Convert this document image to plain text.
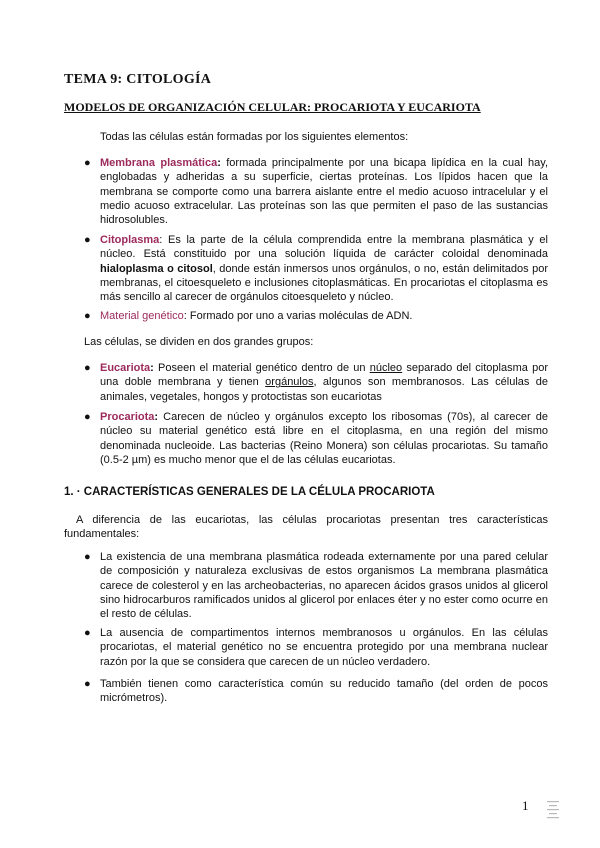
TEMA 9: CITOLOGÍA
MODELOS DE ORGANIZACIÓN CELULAR: PROCARIOTA Y EUCARIOTA

Todas las células están formadas por los siguientes elementos:

● Membrana plasmática: formada principalmente por una bicapa lipídica en la cual hay, englobadas y adheridas a su superficie, ciertas proteínas. Los lípidos hacen que la membrana se comporte como una barrera aislante entre el medio acuoso intracelular y el medio acuoso extracelular. Las proteínas son las que permiten el paso de las sustancias hidrosolubles.
● Citoplasma: Es la parte de la célula comprendida entre la membrana plasmática y el núcleo. Está constituido por una solución líquida de carácter coloidal denominada hialoplasma o citosol, donde están inmersos unos orgánulos, o no, están delimitados por membranas, el citoesqueleto e inclusiones citoplasmáticas. En procariotas el citoplasma es más sencillo al carecer de orgánulos citoesqueleto y núcleo.
● Material genético: Formado por uno a varias moléculas de ADN.

Las células, se dividen en dos grandes grupos:

● Eucariota: Poseen el material genético dentro de un núcleo separado del citoplasma por una doble membrana y tienen orgánulos, algunos son membranosos. Las células de animales, vegetales, hongos y protoctistas son eucariotas
● Procariota: Carecen de núcleo y orgánulos excepto los ribosomas (70s), al carecer de núcleo su material genético está libre en el citoplasma, en una región del mismo denominada nucleoide. Las bacterias (Reino Monera) son células procariotas. Su tamaño (0.5-2 µm) es mucho menor que el de las células eucariotas.
1. · CARACTERÍSTICAS GENERALES DE LA CÉLULA PROCARIOTA

A diferencia de las eucariotas, las células procariotas presentan tres características fundamentales:

● La existencia de una membrana plasmática rodeada externamente por una pared celular de composición y naturaleza exclusivas de estos organismos La membrana plasmática carece de colesterol y en las archeobacterias, no aparecen ácidos grasos unidos al glicerol sino hidrocarburos ramificados unidos al glicerol por enlaces éter y no ester como ocurre en el resto de células.
● La ausencia de compartimentos internos membranosos u orgánulos. En las células procariotas, el material genético no se encuentra protegido por una membrana nuclear razón por la que se considera que carecen de un núcleo verdadero.
● También tienen como característica común su reducido tamaño (del orden de pocos micrómetros).

1
